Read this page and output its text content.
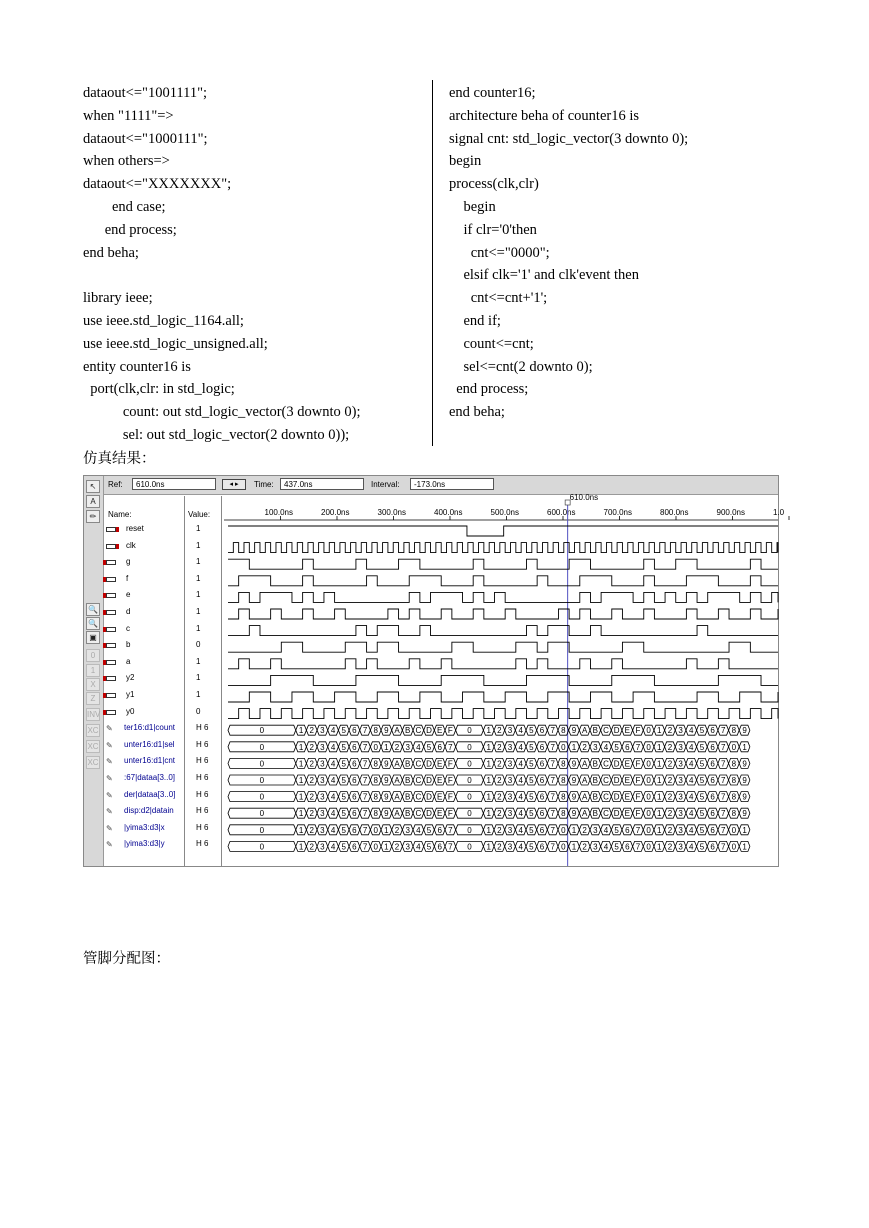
dataout<="1001111";
when "1111"=>
dataout<="1000111";
when others=>
dataout<="XXXXXXX";
end case;
end process;
end beha;

library ieee;
use ieee.std_logic_1164.all;
use ieee.std_logic_unsigned.all;
entity counter16 is
port(clk,clr: in std_logic;
count: out std_logic_vector(3 downto 0);
sel: out std_logic_vector(2 downto 0));
end counter16;
architecture beha of counter16 is
signal cnt: std_logic_vector(3 downto 0);
begin
process(clk,clr)
begin
if clr='0'then
cnt<="0000";
elsif clk='1' and clk'event then
cnt<=cnt+'1';
end if;
count<=cnt;
sel<=cnt(2 downto 0);
end process;
end beha;
仿真结果：
↖
A
✏
🔍
🔍
▣
0
1
X
Z
INV
XC
XC
XC
Ref:	610.0ns	◂ ▸	Time:	437.0ns	Interval:	-173.0ns
Name:	Value:	100.0ns	200.0ns	300.0ns	400.0ns	500.0ns	600.0ns	700.0ns	800.0ns	900.0ns	1.0
610.0ns
0	1 2 3 4 5 6 7 8 9 A B C D E F 0 1 2 3 4 5 6 7 8 9 A B C D E F 0 1 2 3 4 5 6 7 8 9
0	1 2 3 4 5 6 7 0 1 2 3 4 5 6 7 0 1 2 3 4 5 6 7 0 1 2 3 4 5 6 7 0 1 2 3 4 5 6 7 0 1
0	1 2 3 4 5 6 7 8 9 A B C D E F 0 1 2 3 4 5 6 7 8 9 A B C D E F 0 1 2 3 4 5 6 7 8 9
0	1 2 3 4 5 6 7 8 9 A B C D E F 0 1 2 3 4 5 6 7 8 9 A B C D E F 0 1 2 3 4 5 6 7 8 9
0	1 2 3 4 5 6 7 8 9 A B C D E F 0 1 2 3 4 5 6 7 8 9 A B C D E F 0 1 2 3 4 5 6 7 8 9
0	1 2 3 4 5 6 7 8 9 A B C D E F 0 1 2 3 4 5 6 7 8 9 A B C D E F 0 1 2 3 4 5 6 7 8 9
0	1 2 3 4 5 6 7 0 1 2 3 4 5 6 7 0 1 2 3 4 5 6 7 0 1 2 3 4 5 6 7 0 1 2 3 4 5 6 7 0 1
0	1 2 3 4 5 6 7 0 1 2 3 4 5 6 7 0 1 2 3 4 5 6 7 0 1 2 3 4 5 6 7 0 1 2 3 4 5 6 7 0 1
reset	1
clk	1
g	1
f	1
e	1
d	1
c	1
b	0
a	1
y2	1
y1	1
y0	0
✎	ter16:d1|count	H 6
✎	unter16:d1|sel	H 6
✎	unter16:d1|cnt	H 6
✎	:67|dataa[3..0]	H 6
✎	der|dataa[3..0]	H 6
✎	disp:d2|datain	H 6
✎	|yima3:d3|x	H 6
✎	|yima3:d3|y	H 6
管脚分配图：
